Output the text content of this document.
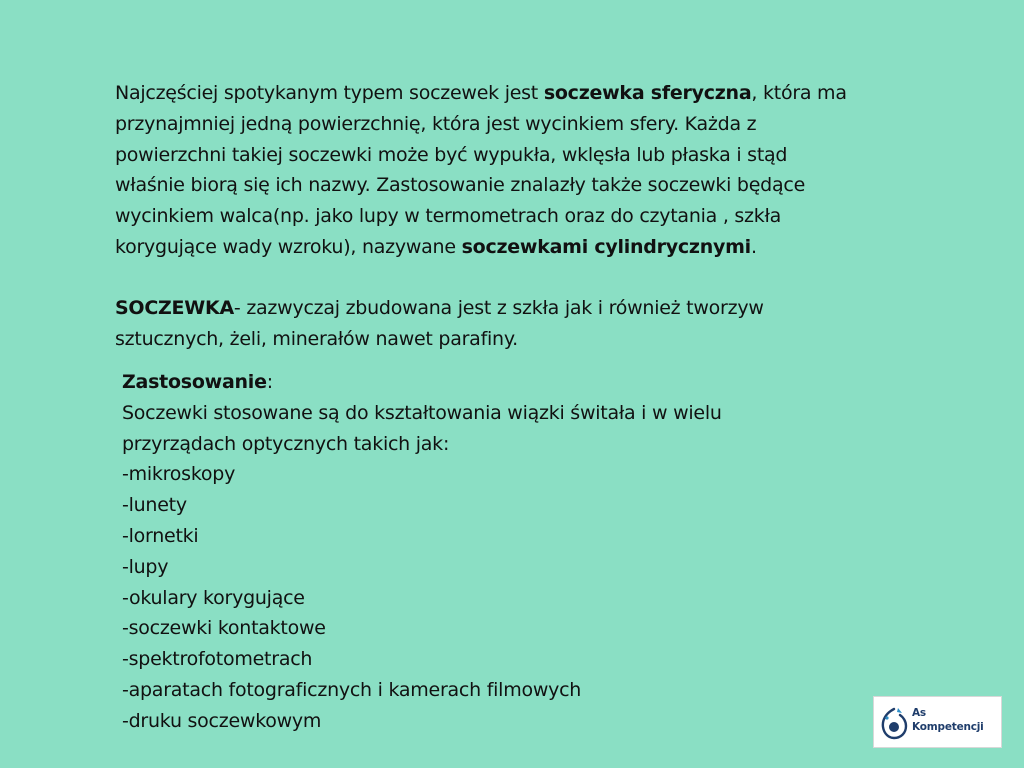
Najczęściej spotykanym typem soczewek jest soczewka sferyczna, która ma
przynajmniej jedną powierzchnię, która jest wycinkiem sfery. Każda z
powierzchni takiej soczewki może być wypukła, wklęsła lub płaska i stąd
właśnie biorą się ich nazwy. Zastosowanie znalazły także soczewki będące
wycinkiem walca(np. jako lupy w termometrach oraz do czytania , szkła
korygujące wady wzroku), nazywane soczewkami cylindrycznymi.
SOCZEWKA- zazwyczaj zbudowana jest z szkła jak i również tworzyw
sztucznych, żeli, minerałów nawet parafiny.
Zastosowanie:
Soczewki stosowane są do kształtowania wiązki świtała i w wielu
przyrządach optycznych takich jak:
-mikroskopy
-lunety
-lornetki
-lupy
-okulary korygujące
-soczewki kontaktowe
-spektrofotometrach
-aparatach fotograficznych i kamerach filmowych
-druku soczewkowym	As
Kompetencji
